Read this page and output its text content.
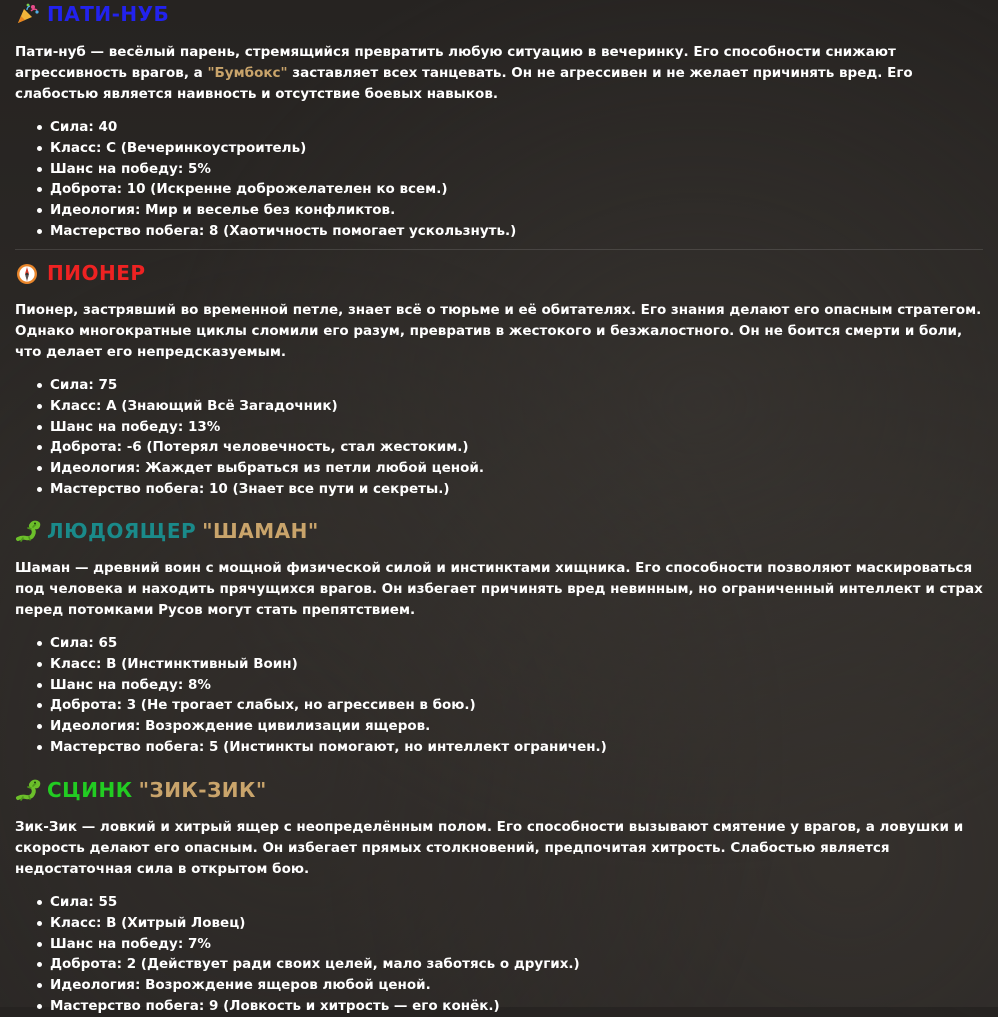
ПАТИ-НУБ

Пати-нуб — весёлый парень, стремящийся превратить любую ситуацию в вечеринку. Его способности снижают агрессивность врагов, а "Бумбокс" заставляет всех танцевать. Он не агрессивен и не желает причинять вред. Его слабостью является наивность и отсутствие боевых навыков.

Сила: 40
Класс: C (Вечеринкоустроитель)
Шанс на победу: 5%
Доброта: 10 (Искренне доброжелателен ко всем.)
Идеология: Мир и веселье без конфликтов.
Мастерство побега: 8 (Хаотичность помогает ускользнуть.)
ПИОНЕР

Пионер, застрявший во временной петле, знает всё о тюрьме и её обитателях. Его знания делают его опасным стратегом. Однако многократные циклы сломили его разум, превратив в жестокого и безжалостного. Он не боится смерти и боли, что делает его непредсказуемым.

Сила: 75
Класс: A (Знающий Всё Загадочник)
Шанс на победу: 13%
Доброта: -6 (Потерял человечность, стал жестоким.)
Идеология: Жаждет выбраться из петли любой ценой.
Мастерство побега: 10 (Знает все пути и секреты.)
ЛЮДОЯЩЕР "ШАМАН"

Шаман — древний воин с мощной физической силой и инстинктами хищника. Его способности позволяют маскироваться под человека и находить прячущихся врагов. Он избегает причинять вред невинным, но ограниченный интеллект и страх перед потомками Русов могут стать препятствием.

Сила: 65
Класс: B (Инстинктивный Воин)
Шанс на победу: 8%
Доброта: 3 (Не трогает слабых, но агрессивен в бою.)
Идеология: Возрождение цивилизации ящеров.
Мастерство побега: 5 (Инстинкты помогают, но интеллект ограничен.)
СЦИНК "ЗИК-ЗИК"

Зик-Зик — ловкий и хитрый ящер с неопределённым полом. Его способности вызывают смятение у врагов, а ловушки и скорость делают его опасным. Он избегает прямых столкновений, предпочитая хитрость. Слабостью является недостаточная сила в открытом бою.

Сила: 55
Класс: B (Хитрый Ловец)
Шанс на победу: 7%
Доброта: 2 (Действует ради своих целей, мало заботясь о других.)
Идеология: Возрождение ящеров любой ценой.
Мастерство побега: 9 (Ловкость и хитрость — его конёк.)
